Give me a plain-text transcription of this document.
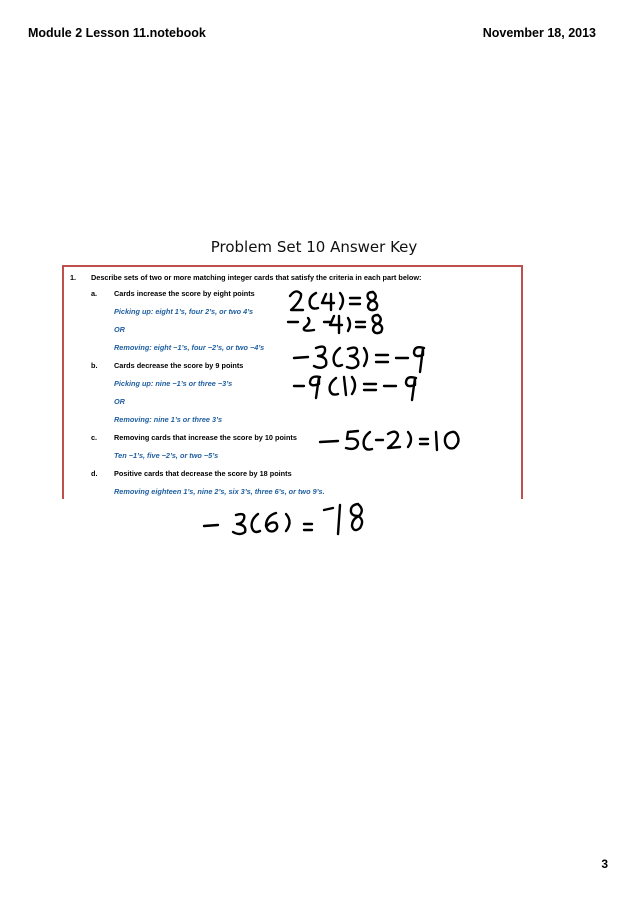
Module 2 Lesson 11.notebook	November 18, 2013
Problem Set 10 Answer Key
1. Describe sets of two or more matching integer cards that satisfy the criteria in each part below:
a. Cards increase the score by eight points
Picking up: eight 1’s, four 2’s, or two 4’s
OR
Removing: eight −1’s, four −2’s, or two −4’s
b. Cards decrease the score by 9 points
Picking up: nine −1’s or three −3’s
OR
Removing: nine 1’s or three 3’s
c. Removing cards that increase the score by 10 points
Ten −1’s, five −2’s, or two −5’s
d. Positive cards that decrease the score by 18 points
Removing eighteen 1’s, nine 2’s, six 3’s, three 6’s, or two 9’s.
3
